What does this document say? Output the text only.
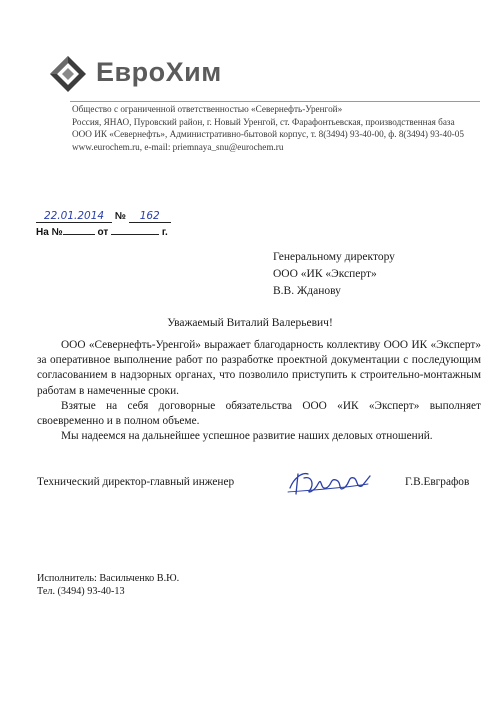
ЕвроХим
Общество с ограниченной ответственностью «Севернефть-Уренгой»
Россия, ЯНАО, Пуровский район, г. Новый Уренгой, ст. Фарафонтьевская, производственная база
ООО ИК «Севернефть», Административно-бытовой корпус, т. 8(3494) 93-40-00, ф. 8(3494) 93-40-05
www.eurochem.ru, e-mail: priemnaya_snu@eurochem.ru
22.01.2014 № 162
На №	от	г.
Генеральному директору
ООО «ИК «Эксперт»
В.В. Жданову
Уважаемый Виталий Валерьевич!

ООО «Севернефть-Уренгой» выражает благодарность коллективу ООО ИК «Эксперт» за оперативное выполнение работ по разработке проектной документации с последующим согласованием в надзорных органах, что позволило приступить к строительно-монтажным работам в намеченные сроки.

Взятые на себя договорные обязательства ООО «ИК «Эксперт» выполняет своевременно и в полном объеме.

Мы надеемся на дальнейшее успешное развитие наших деловых отношений.

Технический директор-главный инженер	Г.В.Евграфов
Исполнитель: Васильченко В.Ю.
Тел. (3494) 93-40-13
